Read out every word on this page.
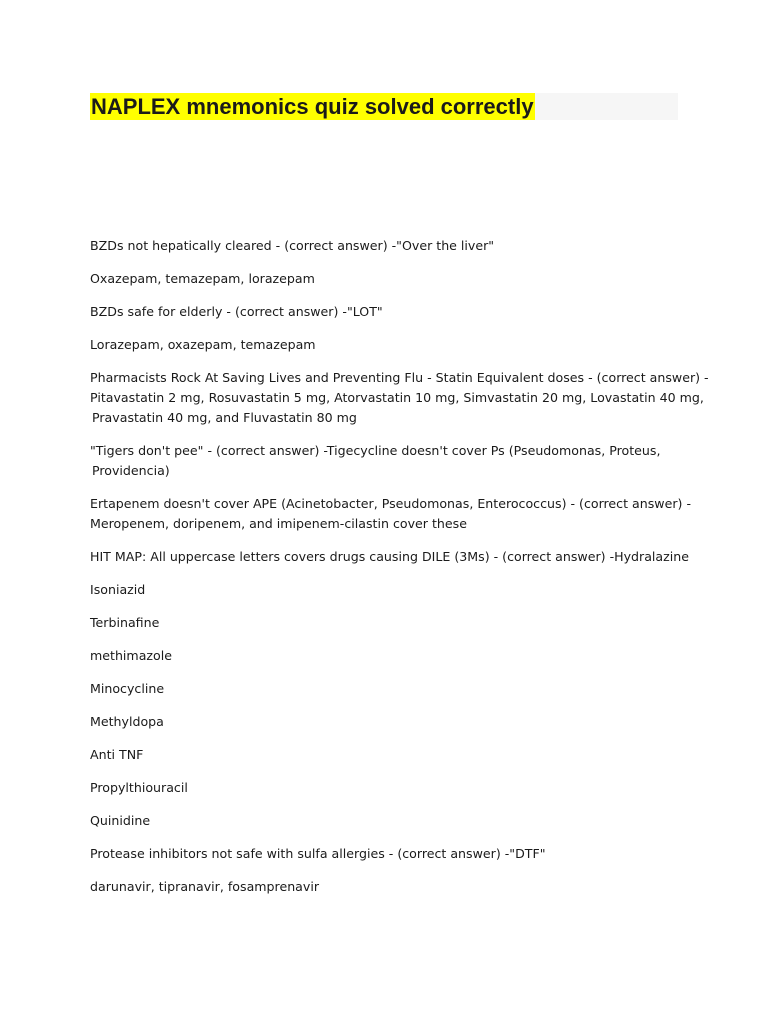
NAPLEX mnemonics quiz solved correctly

BZDs not hepatically cleared - (correct answer) -"Over the liver"

Oxazepam, temazepam, lorazepam

BZDs safe for elderly - (correct answer) -"LOT"

Lorazepam, oxazepam, temazepam

Pharmacists Rock At Saving Lives and Preventing Flu - Statin Equivalent doses - (correct answer) -
Pitavastatin 2 mg, Rosuvastatin 5 mg, Atorvastatin 10 mg, Simvastatin 20 mg, Lovastatin 40 mg,
Pravastatin 40 mg, and Fluvastatin 80 mg

"Tigers don't pee" - (correct answer) -Tigecycline doesn't cover Ps (Pseudomonas, Proteus,
Providencia)

Ertapenem doesn't cover APE (Acinetobacter, Pseudomonas, Enterococcus) - (correct answer) -
Meropenem, doripenem, and imipenem-cilastin cover these

HIT MAP: All uppercase letters covers drugs causing DILE (3Ms) - (correct answer) -Hydralazine

Isoniazid

Terbinafine

methimazole

Minocycline

Methyldopa

Anti TNF

Propylthiouracil

Quinidine

Protease inhibitors not safe with sulfa allergies - (correct answer) -"DTF"

darunavir, tipranavir, fosamprenavir
